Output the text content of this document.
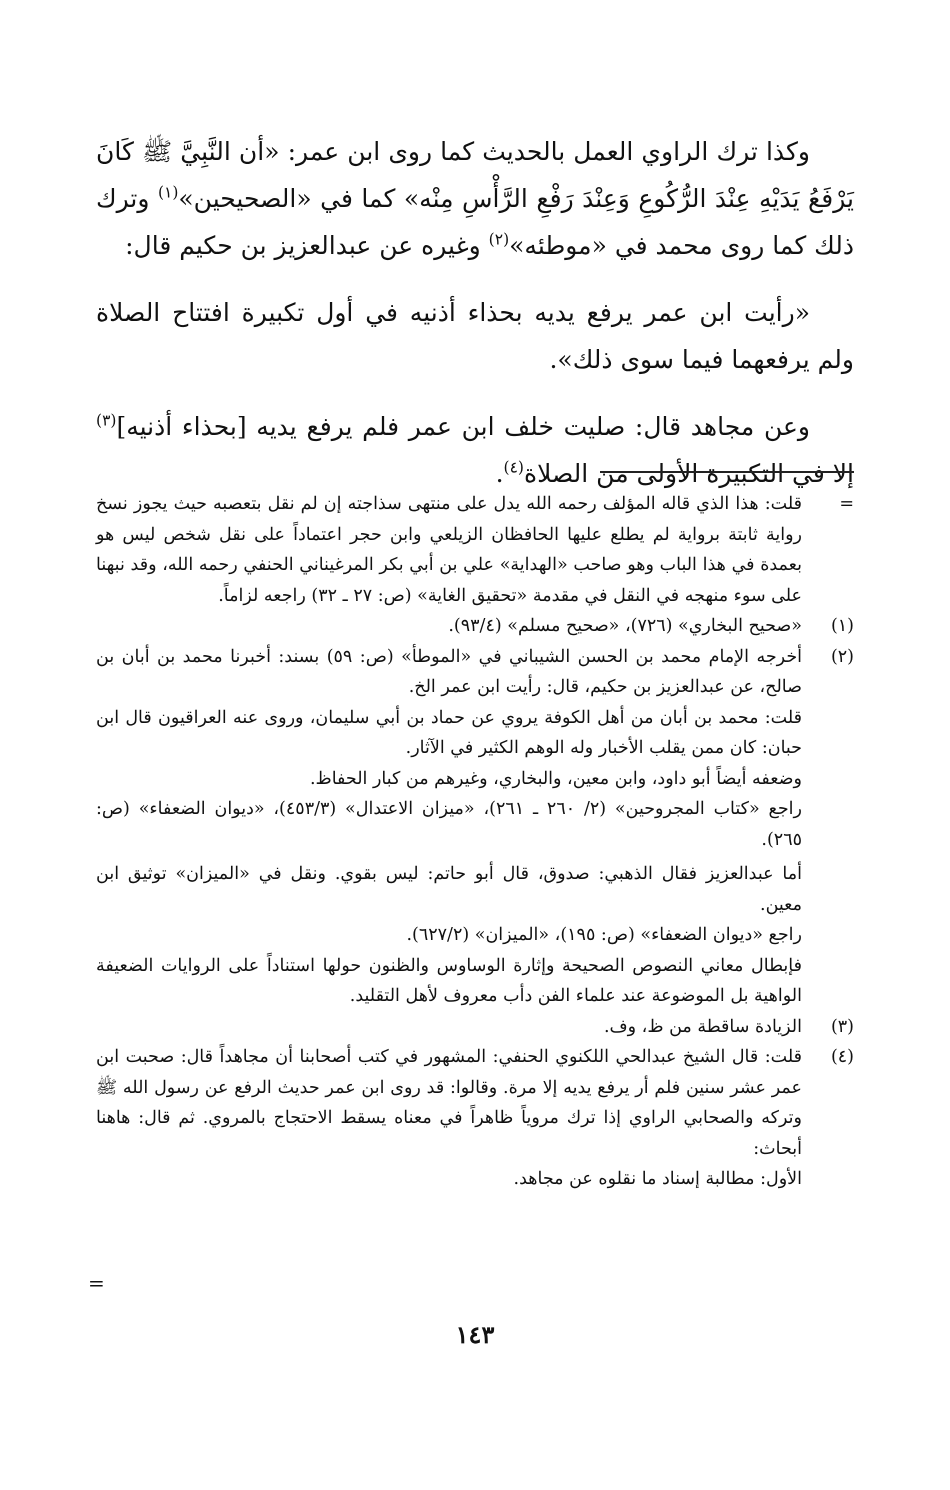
وكذا ترك الراوي العمل بالحديث كما روى ابن عمر: «أن النَّبِيَّ ﷺ كَانَ يَرْفَعُ يَدَيْهِ عِنْدَ الرُّكُوعِ وَعِنْدَ رَفْعِ الرَّأْسِ مِنْه» كما في «الصحيحين»$^{(١)}$ وترك ذلك كما روى محمد في «موطئه»$^{(٢)}$ وغيره عن عبدالعزيز بن حكيم قال:

«رأيت ابن عمر يرفع يديه بحذاء أذنيه في أول تكبيرة افتتاح الصلاة ولم يرفعهما فيما سوى ذلك».

وعن مجاهد قال: صليت خلف ابن عمر فلم يرفع يديه [بحذاء أذنيه]$^{(٣)}$ إلا في التكبيرة الأولى من الصلاة$^{(٤)}$.

=

قلت: هذا الذي قاله المؤلف رحمه الله يدل على منتهى سذاجته إن لم نقل بتعصبه حيث يجوز نسخ رواية ثابتة برواية لم يطلع عليها الحافظان الزيلعي وابن حجر اعتماداً على نقل شخص ليس هو بعمدة في هذا الباب وهو صاحب «الهداية» علي بن أبي بكر المرغيناني الحنفي رحمه الله، وقد نبهنا على سوء منهجه في النقل في مقدمة «تحقيق الغاية» (ص: ٢٧ ـ ٣٢) راجعه لزاماً.

(١)

«صحيح البخاري» (٧٢٦)، «صحيح مسلم» (٩٣/٤).

(٢)

أخرجه الإمام محمد بن الحسن الشيباني في «الموطأ» (ص: ٥٩) بسند: أخبرنا محمد بن أبان بن صالح، عن عبدالعزيز بن حكيم، قال: رأيت ابن عمر الخ.

قلت: محمد بن أبان من أهل الكوفة يروي عن حماد بن أبي سليمان، وروى عنه العراقيون قال ابن حبان: كان ممن يقلب الأخبار وله الوهم الكثير في الآثار.

وضعفه أيضاً أبو داود، وابن معين، والبخاري، وغيرهم من كبار الحفاظ.

راجع «كتاب المجروحين» (٢/ ٢٦٠ ـ ٢٦١)، «ميزان الاعتدال» (٤٥٣/٣)، «ديوان الضعفاء» (ص: ٢٦٥).

أما عبدالعزيز فقال الذهبي: صدوق، قال أبو حاتم: ليس بقوي. ونقل في «الميزان» توثيق ابن معين.

راجع «ديوان الضعفاء» (ص: ١٩٥)، «الميزان» (٦٢٧/٢).

فإبطال معاني النصوص الصحيحة وإثارة الوساوس والظنون حولها استناداً على الروايات الضعيفة الواهية بل الموضوعة عند علماء الفن دأب معروف لأهل التقليد.

(٣)

الزيادة ساقطة من ظ، وف.

(٤)

قلت: قال الشيخ عبدالحي اللكنوي الحنفي: المشهور في كتب أصحابنا أن مجاهداً قال: صحبت ابن عمر عشر سنين فلم أر يرفع يديه إلا مرة. وقالوا: قد روى ابن عمر حديث الرفع عن رسول الله ﷺ وتركه والصحابي الراوي إذا ترك مروياً ظاهراً في معناه يسقط الاحتجاج بالمروي. ثم قال: هاهنا أبحاث:

الأول: مطالبة إسناد ما نقلوه عن مجاهد.

=
١٤٣
